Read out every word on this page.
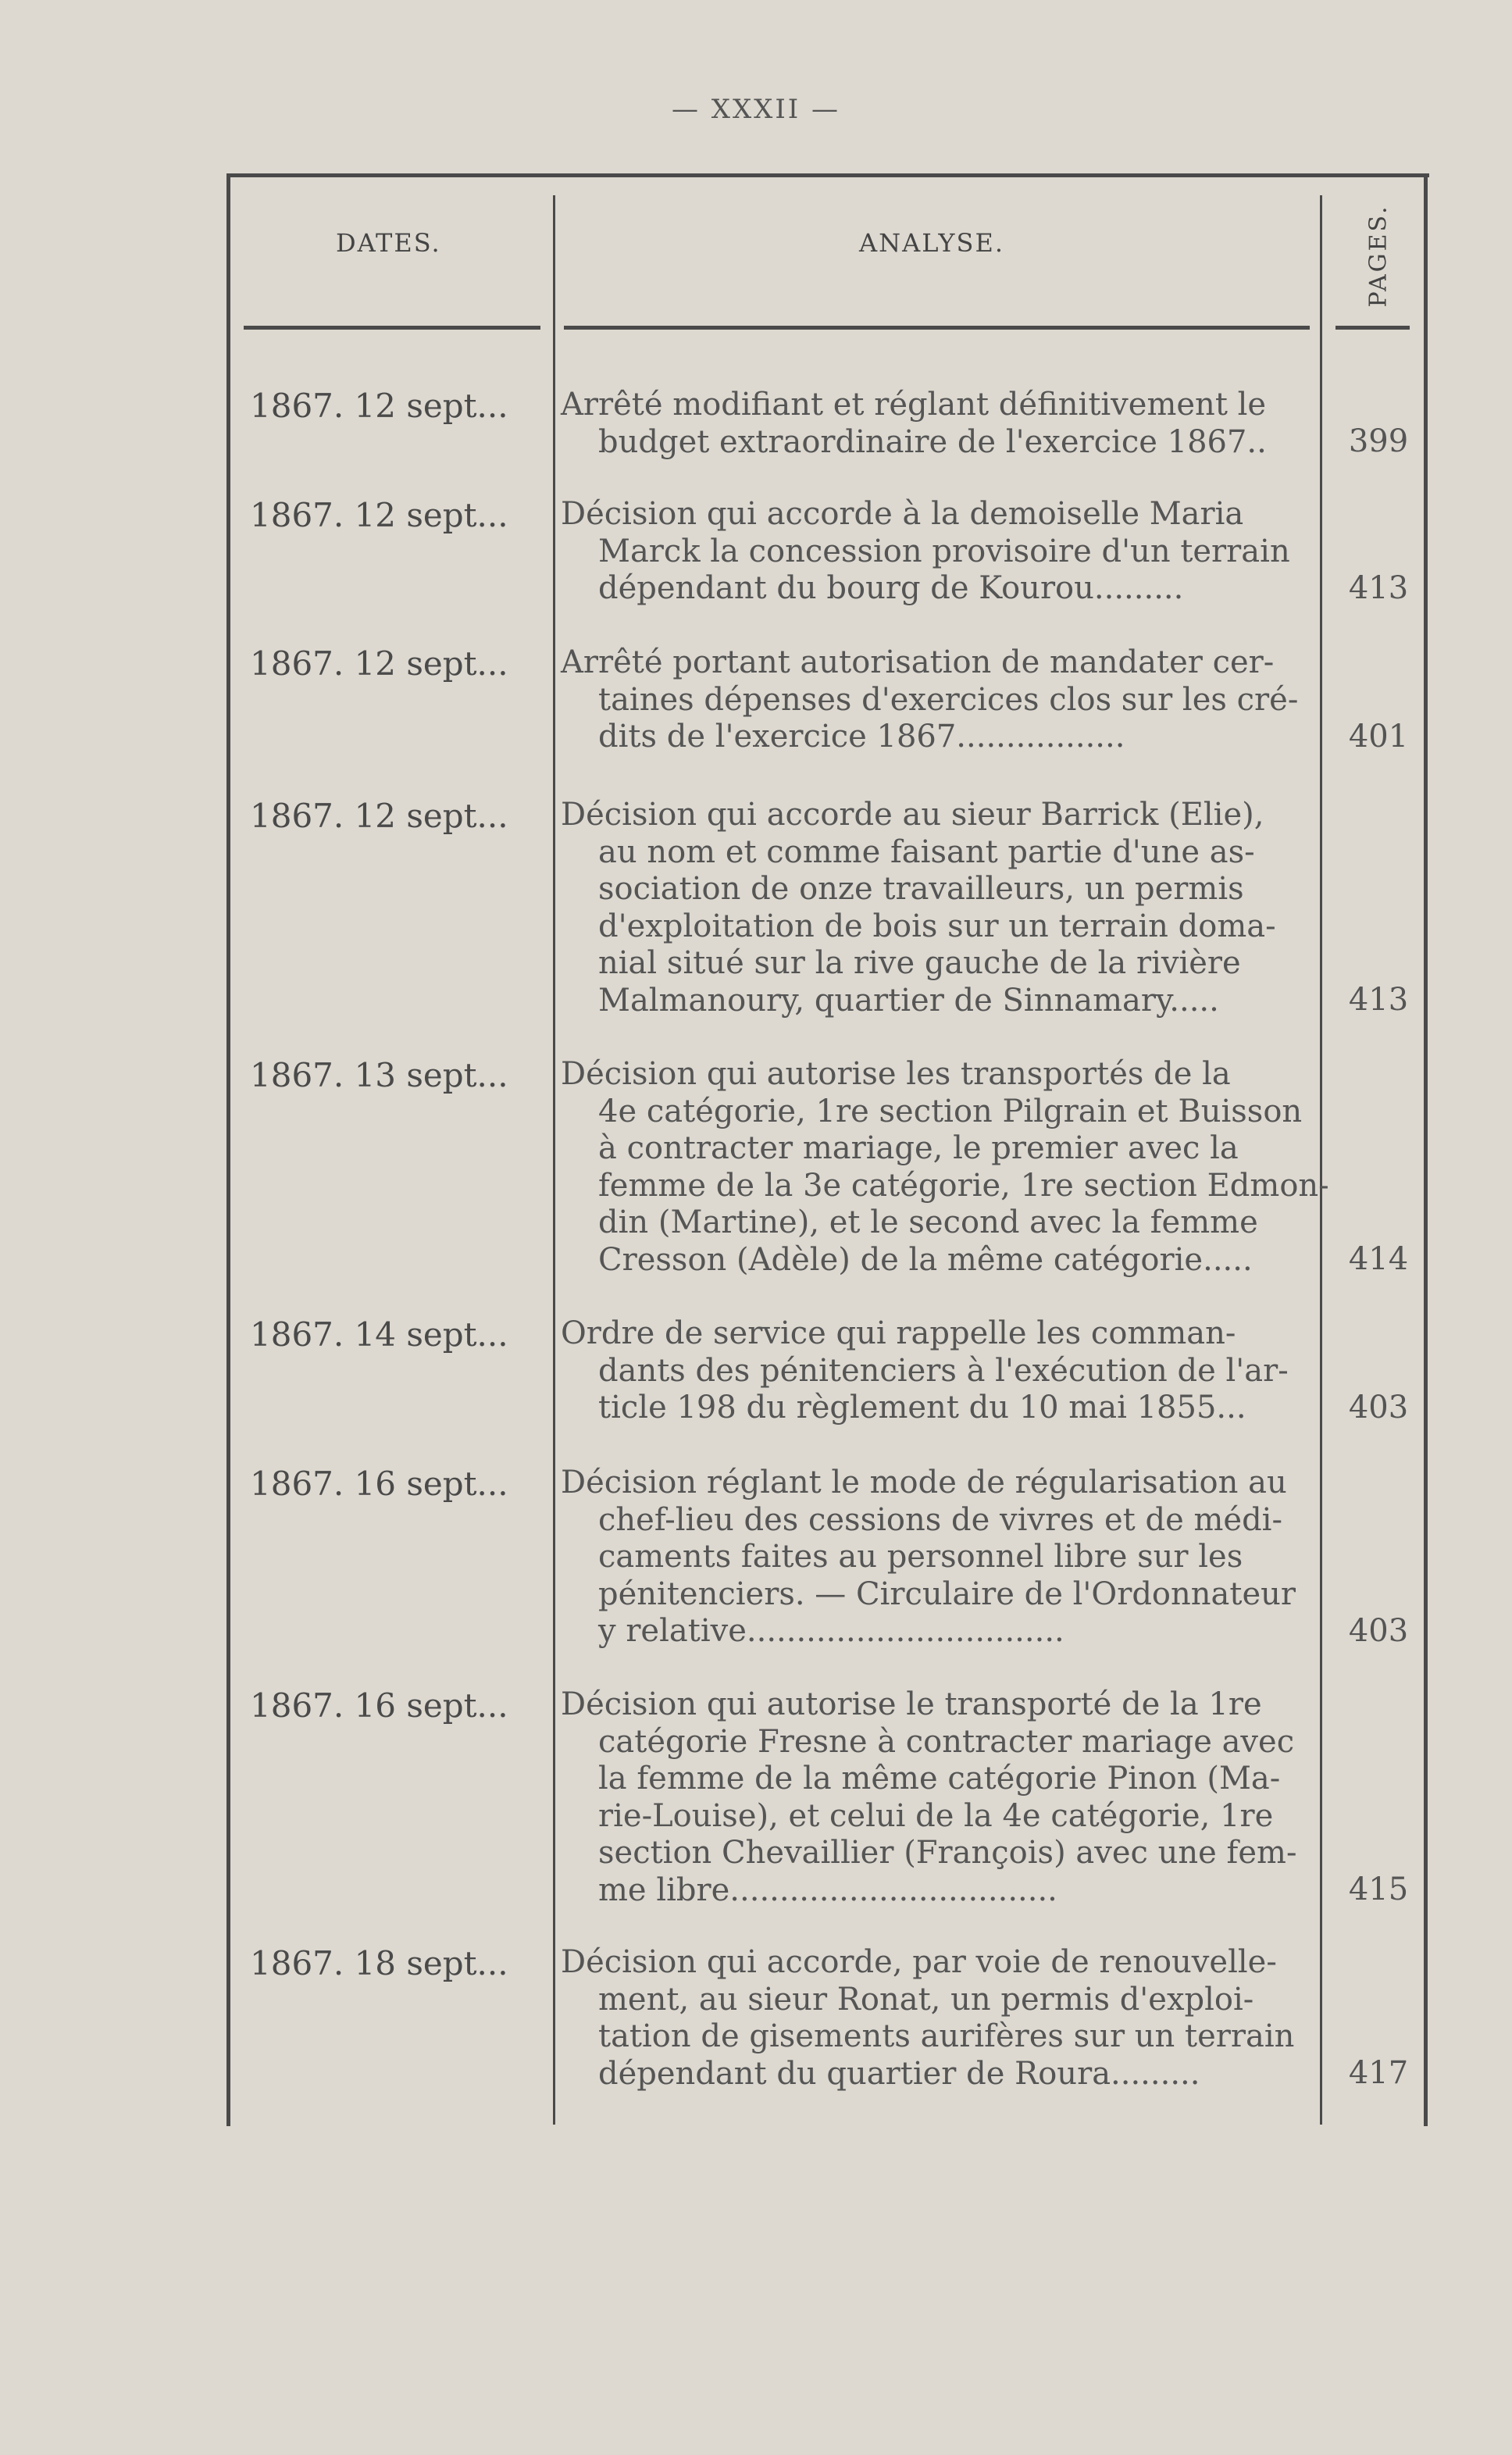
— XXXII —
DATES.	ANALYSE.	PAGES.
1867. 12 sept... Arrêté modifiant et réglant définitivement le
budget extraordinaire de l'exercice 1867..	399
1867. 12 sept... Décision qui accorde à la demoiselle Maria
Marck la concession provisoire d'un terrain
dépendant du bourg de Kourou.........	413
1867. 12 sept... Arrêté portant autorisation de mandater cer-
taines dépenses d'exercices clos sur les cré-
dits de l'exercice 1867.................	401
1867. 12 sept... Décision qui accorde au sieur Barrick (Elie),
au nom et comme faisant partie d'une as-
sociation de onze travailleurs, un permis
d'exploitation de bois sur un terrain doma-
nial situé sur la rive gauche de la rivière
Malmanoury, quartier de Sinnamary.....	413
1867. 13 sept... Décision qui autorise les transportés de la
4e catégorie, 1re section Pilgrain et Buisson
à contracter mariage, le premier avec la
femme de la 3e catégorie, 1re section Edmon-
din (Martine), et le second avec la femme
Cresson (Adèle) de la même catégorie.....	414
1867. 14 sept... Ordre de service qui rappelle les comman-
dants des pénitenciers à l'exécution de l'ar-
ticle 198 du règlement du 10 mai 1855...	403
1867. 16 sept... Décision réglant le mode de régularisation au
chef-lieu des cessions de vivres et de médi-
caments faites au personnel libre sur les
pénitenciers. — Circulaire de l'Ordonnateur
y relative................................	403
1867. 16 sept... Décision qui autorise le transporté de la 1re
catégorie Fresne à contracter mariage avec
la femme de la même catégorie Pinon (Ma-
rie-Louise), et celui de la 4e catégorie, 1re
section Chevaillier (François) avec une fem-
me libre.................................	415
1867. 18 sept... Décision qui accorde, par voie de renouvelle-
ment, au sieur Ronat, un permis d'exploi-
tation de gisements aurifères sur un terrain
dépendant du quartier de Roura.........	417
